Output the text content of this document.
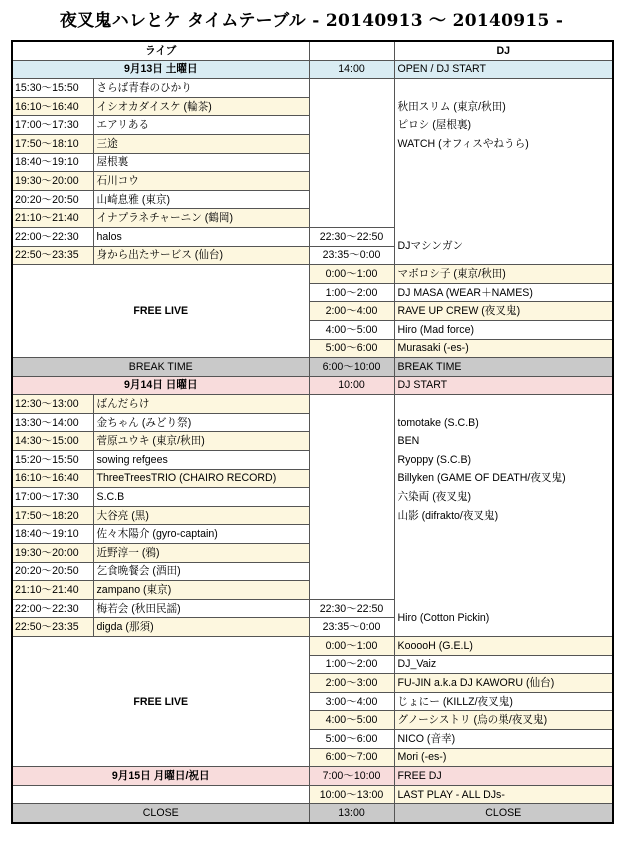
夜叉鬼ハレとケ タイムテーブル - 20140913 ～ 20140915 -
ライブ			DJ
9月13日 土曜日		14:00	OPEN / DJ START
15:30～15:50	さらば青春のひかり		
16:10～16:40	イシオカダイスケ (輪茶)		秋田スリム (東京/秋田)
17:00～17:30	エアリある		ピロシ (屋根裏)
17:50～18:10	三途		WATCH (オフィスやねうら)
18:40～19:10	屋根裏		
19:30～20:00	石川コウ		
20:20～20:50	山崎息雅 (東京)		
21:10～21:40	イナプラネチャーニン (鶴岡)		
22:00～22:30	halos	22:30～22:50	DJマシンガン
22:50～23:35	身から出たサービス (仙台)	23:35～0:00	
FREE LIVE		0:00～1:00	マボロシ子 (東京/秋田)
		1:00～2:00	DJ MASA (WEAR＋NAMES)
		2:00～4:00	RAVE UP CREW (夜叉鬼)
		4:00～5:00	Hiro (Mad force)
		5:00～6:00	Murasaki (-es-)
BREAK TIME		6:00～10:00	BREAK TIME
9月14日 日曜日		10:00	DJ START
12:30～13:00	ばんだらけ		
13:30～14:00	金ちゃん (みどり祭)		tomotake (S.C.B)
14:30～15:00	菅原ユウキ (東京/秋田)		BEN
15:20～15:50	sowing refgees		Ryoppy (S.C.B)
16:10～16:40	ThreeTreesTRIO (CHAIRO RECORD)		Billyken (GAME OF DEATH/夜叉鬼)
17:00～17:30	S.C.B		六染両 (夜叉鬼)
17:50～18:20	大谷亮 (黒)		山影 (difrakto/夜叉鬼)
18:40～19:10	佐々木陽介 (gyro-captain)		
19:30～20:00	近野淳一 (鴉)		
20:20～20:50	乞食晩餐会 (酒田)		
21:10～21:40	zampano (東京)		
22:00～22:30	梅若会 (秋田民謡)	22:30～22:50	Hiro (Cotton Pickin)
22:50～23:35	digda (那須)	23:35～0:00	
FREE LIVE		0:00～1:00	KooooH (G.E.L)
		1:00～2:00	DJ_Vaiz
		2:00～3:00	FU-JIN a.k.a DJ KAWORU (仙台)
		3:00～4:00	じょにー (KILLZ/夜叉鬼)
		4:00～5:00	グノーシストリ (烏の巣/夜叉鬼)
		5:00～6:00	NICO (音幸)
		6:00～7:00	Mori (-es-)
9月15日 月曜日/祝日		7:00～10:00	FREE DJ
		10:00～13:00	LAST PLAY - ALL DJs-
CLOSE		13:00	CLOSE
